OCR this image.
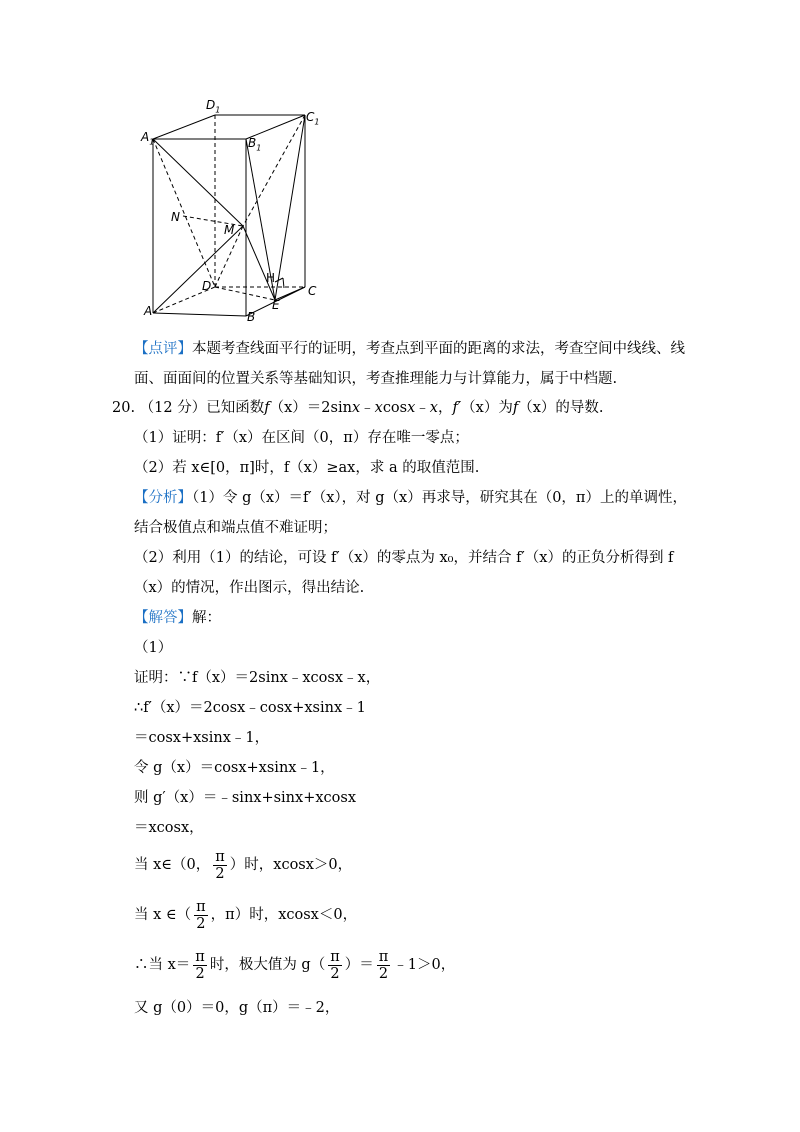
$D_1$
$C_1$
$A_1$	$B_1$
N
M
H
D	C
E
A	B
【点评】本题考查线面平行的证明，考查点到平面的距离的求法，考查空间中线线、线
面、面面间的位置关系等基础知识，考查推理能力与计算能力，属于中档题.
20. （12 分）已知函数f（x）＝2sinx﹣xcosx﹣x，f′（x）为f（x）的导数.
（1）证明：f′（x）在区间（0，π）存在唯一零点；
（2）若 x∈[0，π]时，f（x）≥ax，求 a 的取值范围.
【分析】（1）令 g（x）＝f′（x），对 g（x）再求导，研究其在（0，π）上的单调性，
结合极值点和端点值不难证明；
（2）利用（1）的结论，可设 f′（x）的零点为 x₀，并结合 f′（x）的正负分析得到 f
（x）的情况，作出图示，得出结论.
【解答】解：
（1）
证明：∵f（x）＝2sinx﹣xcosx﹣x，
∴f′（x）＝2cosx﹣cosx+xsinx﹣1
＝cosx+xsinx﹣1，
令 g（x）＝cosx+xsinx﹣1，
则 g′（x）＝﹣sinx+sinx+xcosx
＝xcosx，
当 x∈（0， $\frac{\pi}{2}$ ）时，xcosx＞0，
当 x ∈（ $\frac{\pi}{2}$ ，π）时，xcosx＜0，
∴当 $x= \frac{\pi}{2}$ 时，极大值为 $g( \frac{\pi}{2}$ ）＝ $\frac{\pi}{2}$ ﹣1＞0，
又 g（0）＝0，g（π）＝﹣2，
